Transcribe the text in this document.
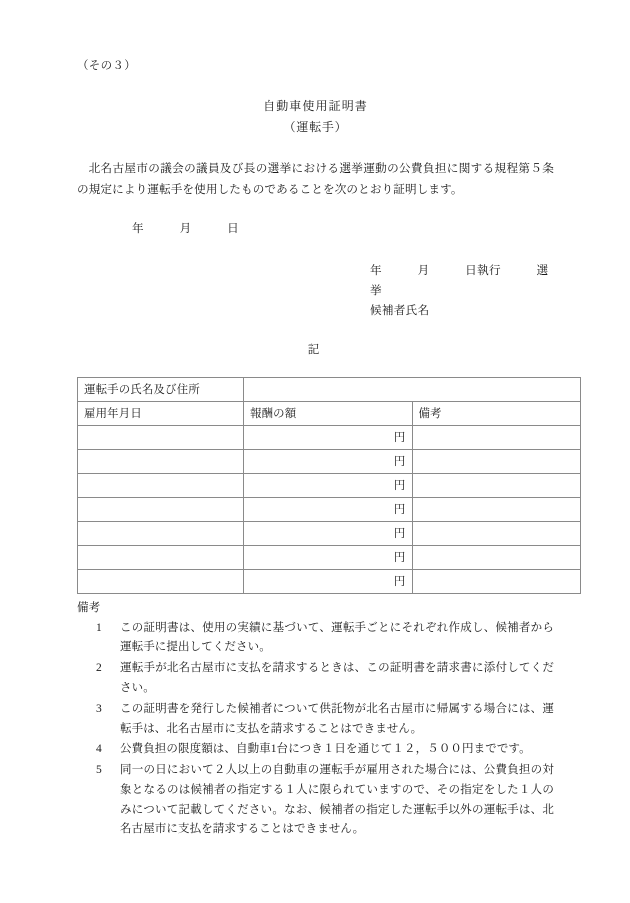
（その３）
自動車使用証明書
（運転手）
北名古屋市の議会の議員及び長の選挙における選挙運動の公費負担に関する規程第５条の規定により運転手を使用したものであることを次のとおり証明します。
年　　　月　　　日
年　　　月　　　日執行　　　選挙
候補者氏名
記
運転手の氏名及び住所		
雇用年月日	報酬の額	備考
	円	
	円	
	円	
	円	
	円	
	円	
	円	
備考
1	この証明書は、使用の実績に基づいて、運転手ごとにそれぞれ作成し、候補者から運転手に提出してください。
2	運転手が北名古屋市に支払を請求するときは、この証明書を請求書に添付してください。
3	この証明書を発行した候補者について供託物が北名古屋市に帰属する場合には、運転手は、北名古屋市に支払を請求することはできません。
4	公費負担の限度額は、自動車1台につき１日を通じて１２，５００円までです。
5	同一の日において２人以上の自動車の運転手が雇用された場合には、公費負担の対象となるのは候補者の指定する１人に限られていますので、その指定をした１人のみについて記載してください。なお、候補者の指定した運転手以外の運転手は、北名古屋市に支払を請求することはできません。
